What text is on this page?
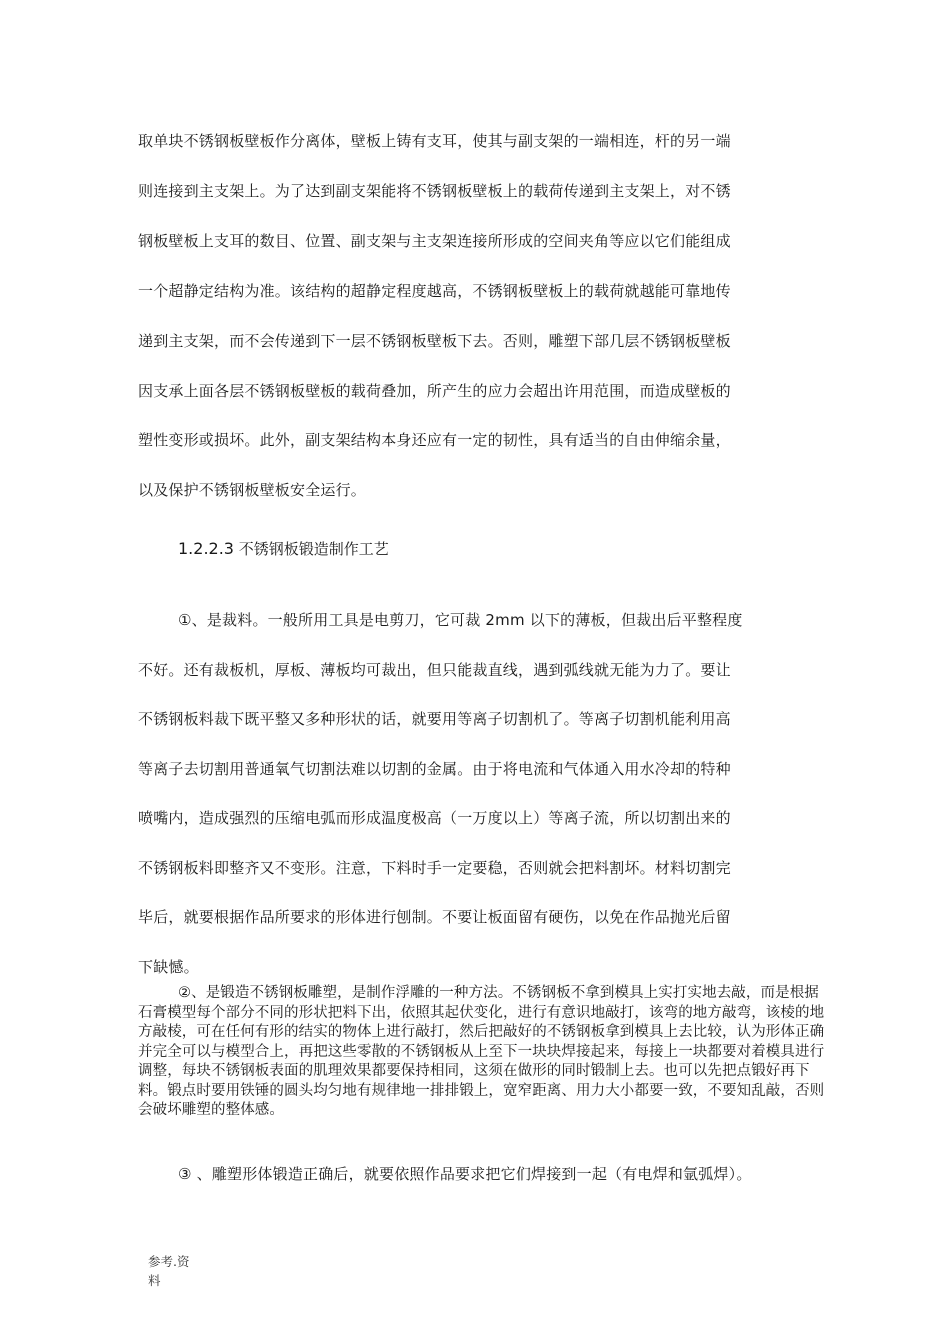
取单块不锈钢板壁板作分离体，壁板上铸有支耳，使其与副支架的一端相连，杆的另一端
则连接到主支架上。为了达到副支架能将不锈钢板壁板上的载荷传递到主支架上，对不锈
钢板壁板上支耳的数目、位置、副支架与主支架连接所形成的空间夹角等应以它们能组成
一个超静定结构为准。该结构的超静定程度越高，不锈钢板壁板上的载荷就越能可靠地传
递到主支架，而不会传递到下一层不锈钢板壁板下去。否则，雕塑下部几层不锈钢板壁板
因支承上面各层不锈钢板壁板的载荷叠加，所产生的应力会超出许用范围，而造成壁板的
塑性变形或损坏。此外，副支架结构本身还应有一定的韧性，具有适当的自由伸缩余量，
以及保护不锈钢板壁板安全运行。
1.2.2.3 不锈钢板锻造制作工艺
①、是裁料。一般所用工具是电剪刀，它可裁 2mm 以下的薄板，但裁出后平整程度
不好。还有裁板机，厚板、薄板均可裁出，但只能裁直线，遇到弧线就无能为力了。要让
不锈钢板料裁下既平整又多种形状的话，就要用等离子切割机了。等离子切割机能利用高
等离子去切割用普通氧气切割法难以切割的金属。由于将电流和气体通入用水冷却的特种
喷嘴内，造成强烈的压缩电弧而形成温度极高（一万度以上）等离子流，所以切割出来的
不锈钢板料即整齐又不变形。注意，下料时手一定要稳，否则就会把料割坏。材料切割完
毕后，就要根据作品所要求的形体进行刨制。不要让板面留有硬伤，以免在作品抛光后留
下缺憾。
②、是锻造不锈钢板雕塑，是制作浮雕的一种方法。不锈钢板不拿到模具上实打实地去敲，而是根据石膏模型每个部分不同的形状把料下出，依照其起伏变化，进行有意识地敲打，该弯的地方敲弯，该棱的地方敲棱，可在任何有形的结实的物体上进行敲打，然后把敲好的不锈钢板拿到模具上去比较，认为形体正确并完全可以与模型合上，再把这些零散的不锈钢板从上至下一块块焊接起来，每接上一块都要对着模具进行调整，每块不锈钢板表面的肌理效果都要保持相同，这须在做形的同时锻制上去。也可以先把点锻好再下料。锻点时要用铁锤的圆头均匀地有规律地一排排锻上，宽窄距离、用力大小都要一致，不要知乱敲，否则会破坏雕塑的整体感。
③ 、雕塑形体锻造正确后，就要依照作品要求把它们焊接到一起（有电焊和氩弧焊）。
参考.资
料
